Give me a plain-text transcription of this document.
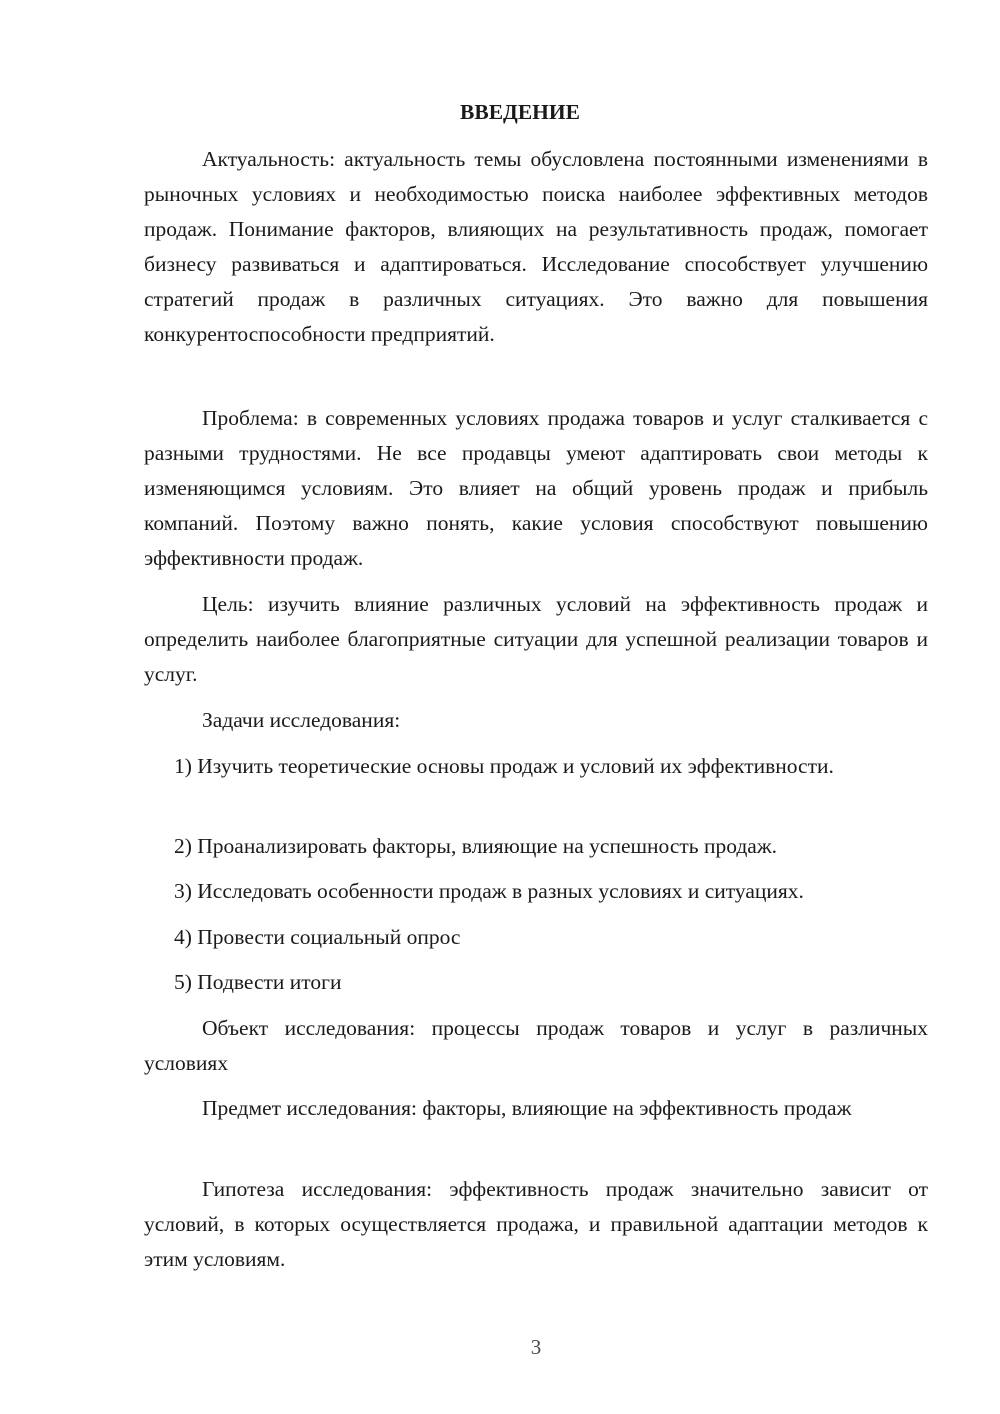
ВВЕДЕНИЕ

Актуальность: актуальность темы обусловлена постоянными изменениями в рыночных условиях и необходимостью поиска наиболее эффективных методов продаж. Понимание факторов, влияющих на результативность продаж, помогает бизнесу развиваться и адаптироваться. Исследование способствует улучшению стратегий продаж в различных ситуациях. Это важно для повышения конкурентоспособности предприятий.

Проблема: в современных условиях продажа товаров и услуг сталкивается с разными трудностями. Не все продавцы умеют адаптировать свои методы к изменяющимся условиям. Это влияет на общий уровень продаж и прибыль компаний. Поэтому важно понять, какие условия способствуют повышению эффективности продаж.

Цель: изучить влияние различных условий на эффективность продаж и определить наиболее благоприятные ситуации для успешной реализации товаров и услуг.

Задачи исследования:

1) Изучить теоретические основы продаж и условий их эффективности.

2) Проанализировать факторы, влияющие на успешность продаж.

3) Исследовать особенности продаж в разных условиях и ситуациях.

4) Провести социальный опрос

5) Подвести итоги

Объект исследования: процессы продаж товаров и услуг в различных условиях

Предмет исследования: факторы, влияющие на эффективность продаж

Гипотеза исследования: эффективность продаж значительно зависит от условий, в которых осуществляется продажа, и правильной адаптации методов к этим условиям.

3
